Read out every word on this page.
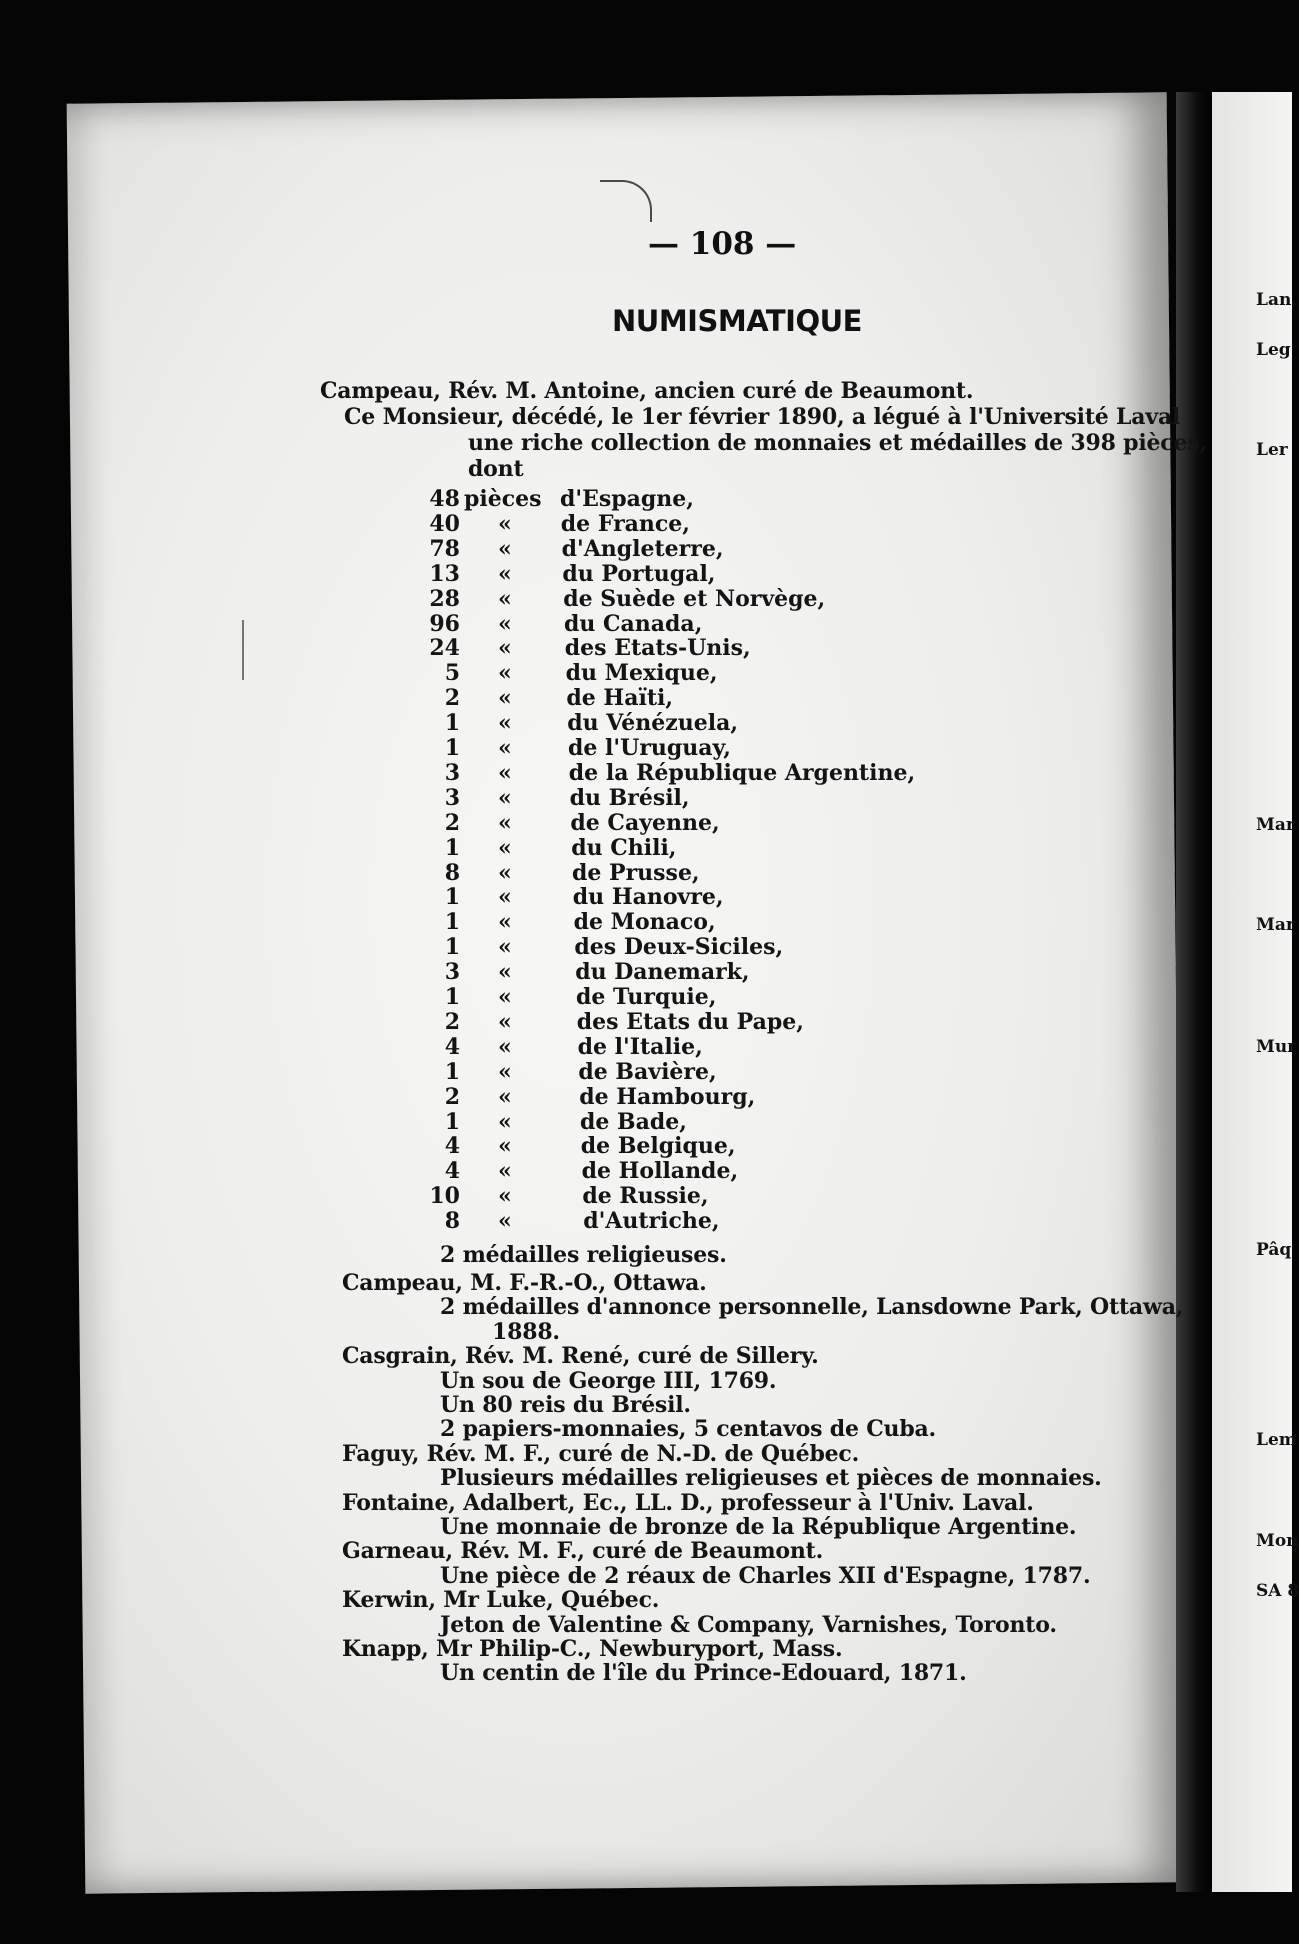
Lan
Leg
Ler
Mar
Mar
Mur
Pâq
Lem
Mon
SA 8
— 108 —
NUMISMATIQUE
Campeau, Rév. M. Antoine, ancien curé de Beaumont.
Ce Monsieur, décédé, le 1er février 1890, a légué à l'Université Laval
une riche collection de monnaies et médailles de 398 pièces,
dont
48 pièces d'Espagne,
40 « de France,
78 « d'Angleterre,
13 « du Portugal,
28 « de Suède et Norvège,
96 « du Canada,
24 « des Etats-Unis,
5 « du Mexique,
2 « de Haïti,
1 «	du Vénézuela,
1 «	de l'Uruguay,
3 «	de la République Argentine,
3 «	du Brésil,
2 «	de Cayenne,
1 «	du Chili,
8 «	de Prusse,
1 «	du Hanovre,
1 «	de Monaco,
1 «	des Deux-Siciles,
3 «	du Danemark,
1 «	de Turquie,
2 «	des Etats du Pape,
4 «	de l'Italie,
1 «	de Bavière,
2 «	de Hambourg,
1 «	de Bade,
4 «	de Belgique,
4 «	de Hollande,
10 «	de Russie,
8 «	d'Autriche,
2 médailles religieuses.
Campeau, M. F.-R.-O., Ottawa.
2 médailles d'annonce personnelle, Lansdowne Park, Ottawa,
1888.
Casgrain, Rév. M. René, curé de Sillery.
Un sou de George III, 1769.
Un 80 reis du Brésil.
2 papiers-monnaies, 5 centavos de Cuba.
Faguy, Rév. M. F., curé de N.-D. de Québec.
Plusieurs médailles religieuses et pièces de monnaies.
Fontaine, Adalbert, Ec., LL. D., professeur à l'Univ. Laval.
Une monnaie de bronze de la République Argentine.
Garneau, Rév. M. F., curé de Beaumont.
Une pièce de 2 réaux de Charles XII d'Espagne, 1787.
Kerwin, Mr Luke, Québec.
Jeton de Valentine & Company, Varnishes, Toronto.
Knapp, Mr Philip-C., Newburyport, Mass.
Un centin de l'île du Prince-Edouard, 1871.
